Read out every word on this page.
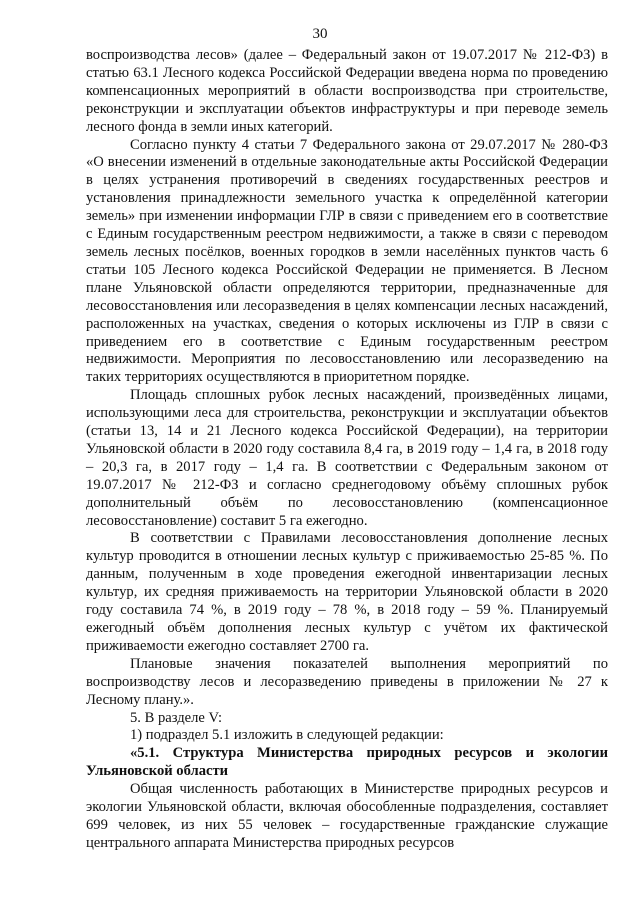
30

воспроизводства лесов» (далее – Федеральный закон от 19.07.2017 № 212-ФЗ) в статью 63.1 Лесного кодекса Российской Федерации введена норма по проведению компенсационных мероприятий в области воспроизводства при строительстве, реконструкции и эксплуатации объектов инфраструктуры и при переводе земель лесного фонда в земли иных категорий.

Согласно пункту 4 статьи 7 Федерального закона от 29.07.2017 № 280-ФЗ «О внесении изменений в отдельные законодательные акты Российской Федерации в целях устранения противоречий в сведениях государственных реестров и установления принадлежности земельного участка к определённой категории земель» при изменении информации ГЛР в связи с приведением его в соответствие с Единым государственным реестром недвижимости, а также в связи с переводом земель лесных посёлков, военных городков в земли населённых пунктов часть 6 статьи 105 Лесного кодекса Российской Федерации не применяется. В Лесном плане Ульяновской области определяются территории, предназначенные для лесовосстановления или лесоразведения в целях компенсации лесных насаждений, расположенных на участках, сведения о которых исключены из ГЛР в связи с приведением его в соответствие с Единым государственным реестром недвижимости. Мероприятия по лесовосстановлению или лесоразведению на таких территориях осуществляются в приоритетном порядке.

Площадь сплошных рубок лесных насаждений, произведённых лицами, использующими леса для строительства, реконструкции и эксплуатации объектов (статьи 13, 14 и 21 Лесного кодекса Российской Федерации), на территории Ульяновской области в 2020 году составила 8,4 га, в 2019 году – 1,4 га, в 2018 году – 20,3 га, в 2017 году – 1,4 га. В соответствии с Федеральным законом от 19.07.2017 № 212-ФЗ и согласно среднегодовому объёму сплошных рубок дополнительный объём по лесовосстановлению (компенсационное лесовосстановление) составит 5 га ежегодно.

В соответствии с Правилами лесовосстановления дополнение лесных культур проводится в отношении лесных культур с приживаемостью 25-85 %. По данным, полученным в ходе проведения ежегодной инвентаризации лесных культур, их средняя приживаемость на территории Ульяновской области в 2020 году составила 74 %, в 2019 году – 78 %, в 2018 году – 59 %. Планируемый ежегодный объём дополнения лесных культур с учётом их фактической приживаемости ежегодно составляет 2700 га.

Плановые значения показателей выполнения мероприятий по воспроизводству лесов и лесоразведению приведены в приложении № 27 к Лесному плану.».

5. В разделе V:

1) подраздел 5.1 изложить в следующей редакции:

«5.1. Структура Министерства природных ресурсов и экологии Ульяновской области

Общая численность работающих в Министерстве природных ресурсов и экологии Ульяновской области, включая обособленные подразделения, составляет 699 человек, из них 55 человек – государственные гражданские служащие центрального аппарата Министерства природных ресурсов
